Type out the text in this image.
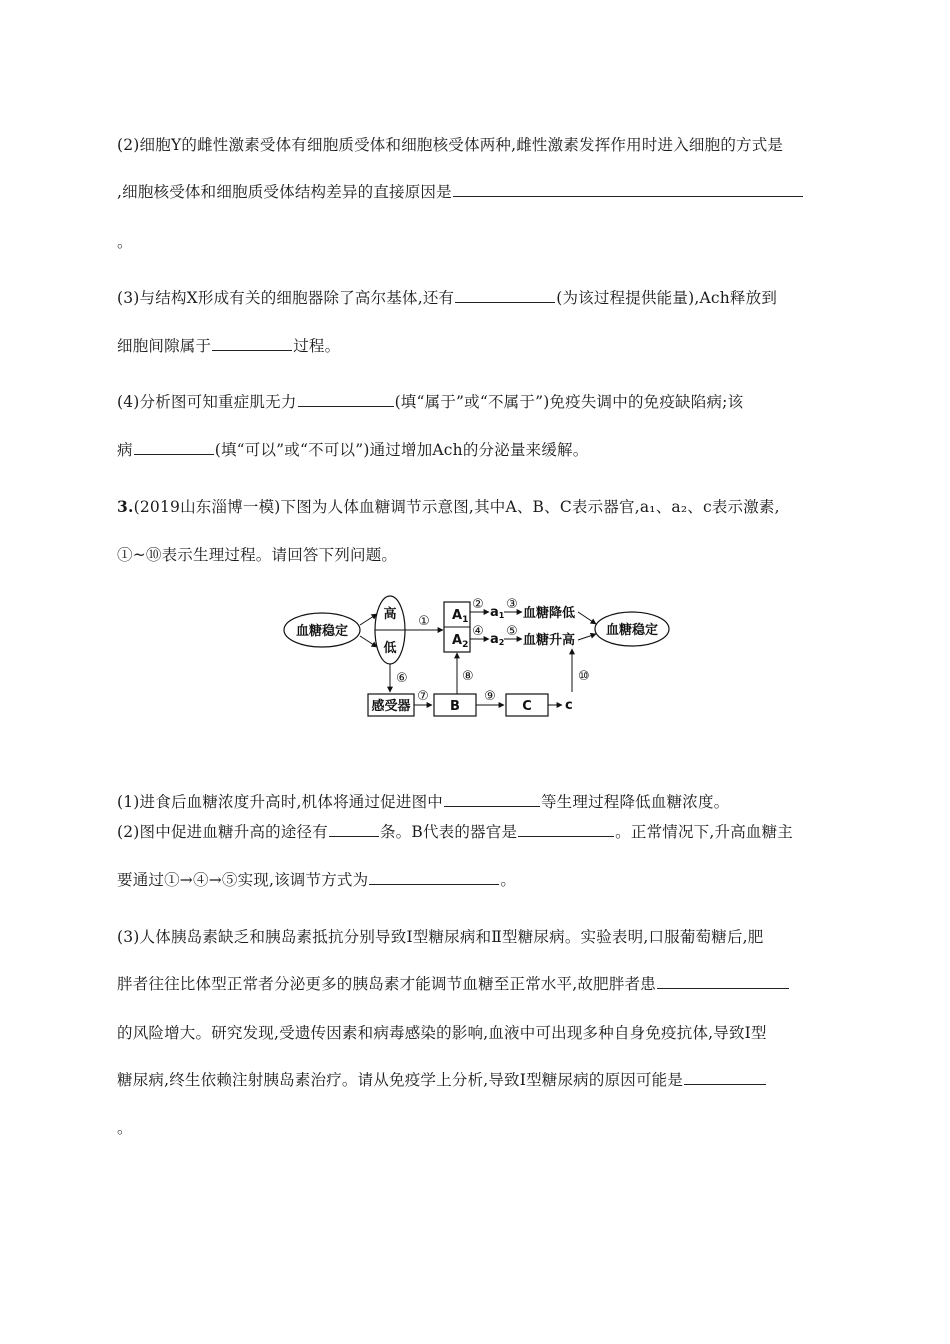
(2)细胞Y的雌性激素受体有细胞质受体和细胞核受体两种,雌性激素发挥作用时进入细胞的方式是
,细胞核受体和细胞质受体结构差异的直接原因是
。
(3)与结构X形成有关的细胞器除了高尔基体,还有	(为该过程提供能量),Ach释放到
细胞间隙属于	过程。
(4)分析图可知重症肌无力	(填“属于”或“不属于”)免疫失调中的免疫缺陷病;该
病	(填“可以”或“不可以”)通过增加Ach的分泌量来缓解。
3.(2019山东淄博一模)下图为人体血糖调节示意图,其中A、B、C表示器官,a₁、a₂、c表示激素,
①~⑩表示生理过程。请回答下列问题。
血糖稳定
高
低
① $A_1$
$A_2$
②
a1
③
血糖降低
④
a2
⑤
血糖升高
血糖稳定
⑩
⑥
感受器
⑦
B
⑧
⑨
C	c
(1)进食后血糖浓度升高时,机体将通过促进图中	等生理过程降低血糖浓度。
(2)图中促进血糖升高的途径有	条。B代表的器官是	。正常情况下,升高血糖主
要通过①→④→⑤实现,该调节方式为	。
(3)人体胰岛素缺乏和胰岛素抵抗分别导致Ⅰ型糖尿病和Ⅱ型糖尿病。实验表明,口服葡萄糖后,肥
胖者往往比体型正常者分泌更多的胰岛素才能调节血糖至正常水平,故肥胖者患
的风险增大。研究发现,受遗传因素和病毒感染的影响,血液中可出现多种自身免疫抗体,导致Ⅰ型
糖尿病,终生依赖注射胰岛素治疗。请从免疫学上分析,导致Ⅰ型糖尿病的原因可能是
。
